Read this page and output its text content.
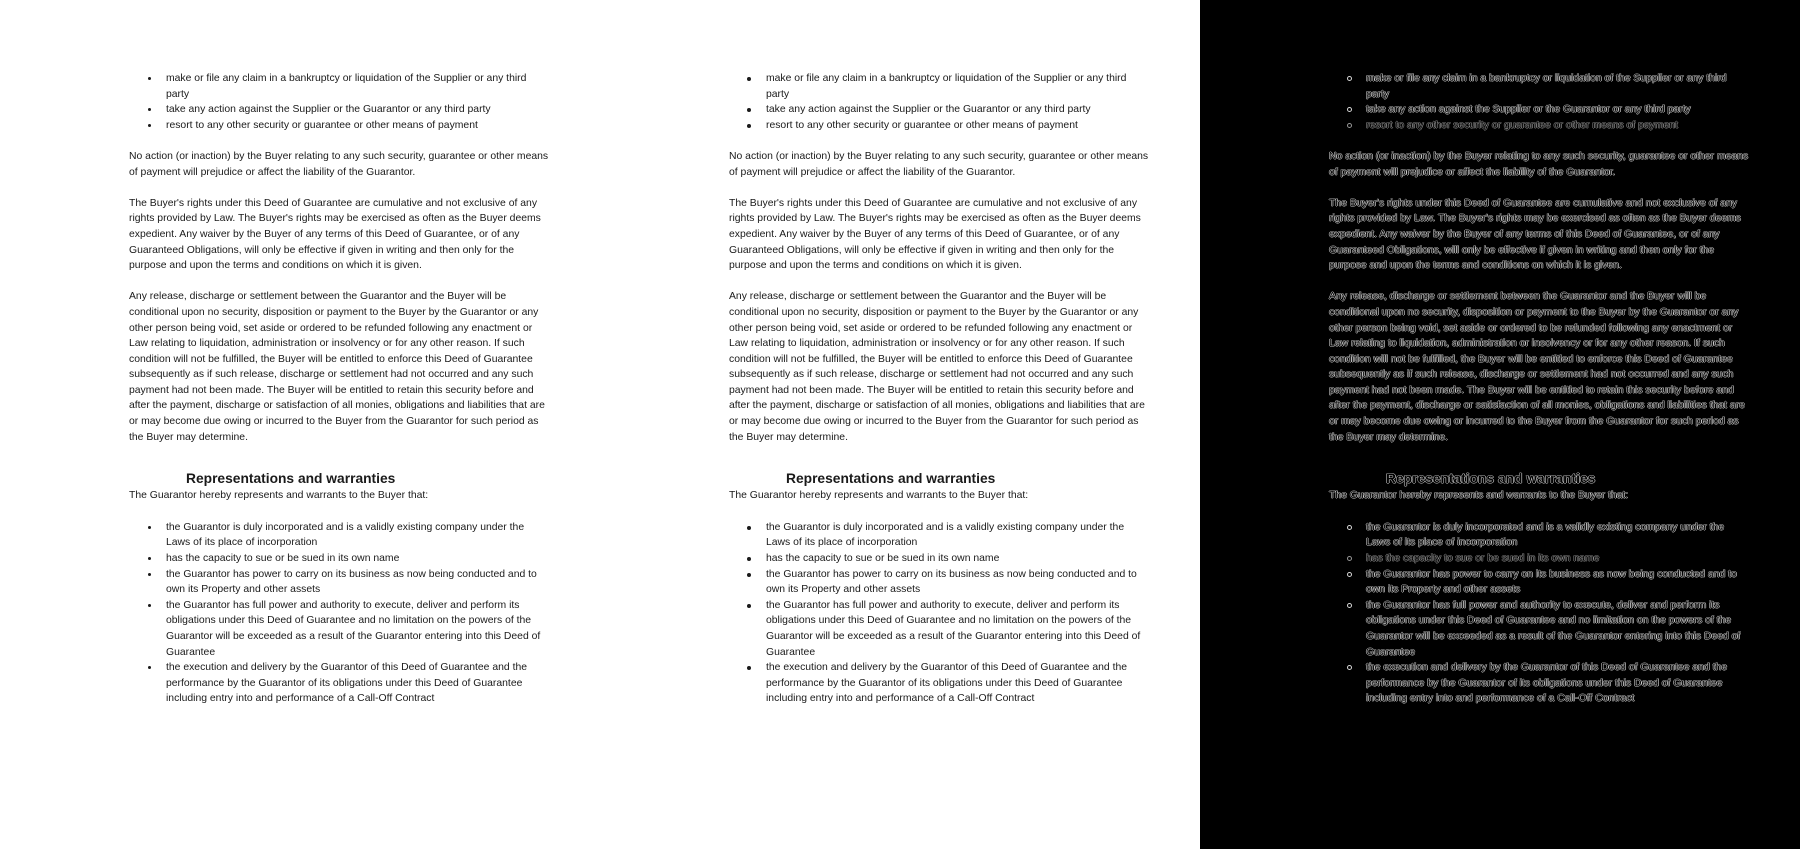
make or file any claim in a bankruptcy or liquidation of the Supplier or any third party
take any action against the Supplier or the Guarantor or any third party
resort to any other security or guarantee or other means of payment

No action (or inaction) by the Buyer relating to any such security, guarantee or other means of payment will prejudice or affect the liability of the Guarantor.

The Buyer's rights under this Deed of Guarantee are cumulative and not exclusive of any rights provided by Law. The Buyer's rights may be exercised as often as the Buyer deems expedient. Any waiver by the Buyer of any terms of this Deed of Guarantee, or of any Guaranteed Obligations, will only be effective if given in writing and then only for the purpose and upon the terms and conditions on which it is given.

Any release, discharge or settlement between the Guarantor and the Buyer will be conditional upon no security, disposition or payment to the Buyer by the Guarantor or any other person being void, set aside or ordered to be refunded following any enactment or Law relating to liquidation, administration or insolvency or for any other reason. If such condition will not be fulfilled, the Buyer will be entitled to enforce this Deed of Guarantee subsequently as if such release, discharge or settlement had not occurred and any such payment had not been made. The Buyer will be entitled to retain this security before and after the payment, discharge or satisfaction of all monies, obligations and liabilities that are or may become due owing or incurred to the Buyer from the Guarantor for such period as the Buyer may determine.

Representations and warranties

The Guarantor hereby represents and warrants to the Buyer that:

the Guarantor is duly incorporated and is a validly existing company under the Laws of its place of incorporation
has the capacity to sue or be sued in its own name
the Guarantor has power to carry on its business as now being conducted and to own its Property and other assets
the Guarantor has full power and authority to execute, deliver and perform its obligations under this Deed of Guarantee and no limitation on the powers of the Guarantor will be exceeded as a result of the Guarantor entering into this Deed of Guarantee
the execution and delivery by the Guarantor of this Deed of Guarantee and the performance by the Guarantor of its obligations under this Deed of Guarantee including entry into and performance of a Call-Off Contract
make or file any claim in a bankruptcy or liquidation of the Supplier or any third party
take any action against the Supplier or the Guarantor or any third party
resort to any other security or guarantee or other means of payment

No action (or inaction) by the Buyer relating to any such security, guarantee or other means of payment will prejudice or affect the liability of the Guarantor.

The Buyer's rights under this Deed of Guarantee are cumulative and not exclusive of any rights provided by Law. The Buyer's rights may be exercised as often as the Buyer deems expedient. Any waiver by the Buyer of any terms of this Deed of Guarantee, or of any Guaranteed Obligations, will only be effective if given in writing and then only for the purpose and upon the terms and conditions on which it is given.

Any release, discharge or settlement between the Guarantor and the Buyer will be conditional upon no security, disposition or payment to the Buyer by the Guarantor or any other person being void, set aside or ordered to be refunded following any enactment or Law relating to liquidation, administration or insolvency or for any other reason. If such condition will not be fulfilled, the Buyer will be entitled to enforce this Deed of Guarantee subsequently as if such release, discharge or settlement had not occurred and any such payment had not been made. The Buyer will be entitled to retain this security before and after the payment, discharge or satisfaction of all monies, obligations and liabilities that are or may become due owing or incurred to the Buyer from the Guarantor for such period as the Buyer may determine.

Representations and warranties

The Guarantor hereby represents and warrants to the Buyer that:

the Guarantor is duly incorporated and is a validly existing company under the Laws of its place of incorporation
has the capacity to sue or be sued in its own name
the Guarantor has power to carry on its business as now being conducted and to own its Property and other assets
the Guarantor has full power and authority to execute, deliver and perform its obligations under this Deed of Guarantee and no limitation on the powers of the Guarantor will be exceeded as a result of the Guarantor entering into this Deed of Guarantee
the execution and delivery by the Guarantor of this Deed of Guarantee and the performance by the Guarantor of its obligations under this Deed of Guarantee including entry into and performance of a Call-Off Contract
make or file any claim in a bankruptcy or liquidation of the Supplier or any third party
take any action against the Supplier or the Guarantor or any third party
resort to any other security or guarantee or other means of payment

No action (or inaction) by the Buyer relating to any such security, guarantee or other means of payment will prejudice or affect the liability of the Guarantor.

The Buyer's rights under this Deed of Guarantee are cumulative and not exclusive of any rights provided by Law. The Buyer's rights may be exercised as often as the Buyer deems expedient. Any waiver by the Buyer of any terms of this Deed of Guarantee, or of any Guaranteed Obligations, will only be effective if given in writing and then only for the purpose and upon the terms and conditions on which it is given.

Any release, discharge or settlement between the Guarantor and the Buyer will be conditional upon no security, disposition or payment to the Buyer by the Guarantor or any other person being void, set aside or ordered to be refunded following any enactment or Law relating to liquidation, administration or insolvency or for any other reason. If such condition will not be fulfilled, the Buyer will be entitled to enforce this Deed of Guarantee subsequently as if such release, discharge or settlement had not occurred and any such payment had not been made. The Buyer will be entitled to retain this security before and after the payment, discharge or satisfaction of all monies, obligations and liabilities that are or may become due owing or incurred to the Buyer from the Guarantor for such period as the Buyer may determine.

Representations and warranties

The Guarantor hereby represents and warrants to the Buyer that:

the Guarantor is duly incorporated and is a validly existing company under the Laws of its place of incorporation
has the capacity to sue or be sued in its own name
the Guarantor has power to carry on its business as now being conducted and to own its Property and other assets
the Guarantor has full power and authority to execute, deliver and perform its obligations under this Deed of Guarantee and no limitation on the powers of the Guarantor will be exceeded as a result of the Guarantor entering into this Deed of Guarantee
the execution and delivery by the Guarantor of this Deed of Guarantee and the performance by the Guarantor of its obligations under this Deed of Guarantee including entry into and performance of a Call-Off Contract
